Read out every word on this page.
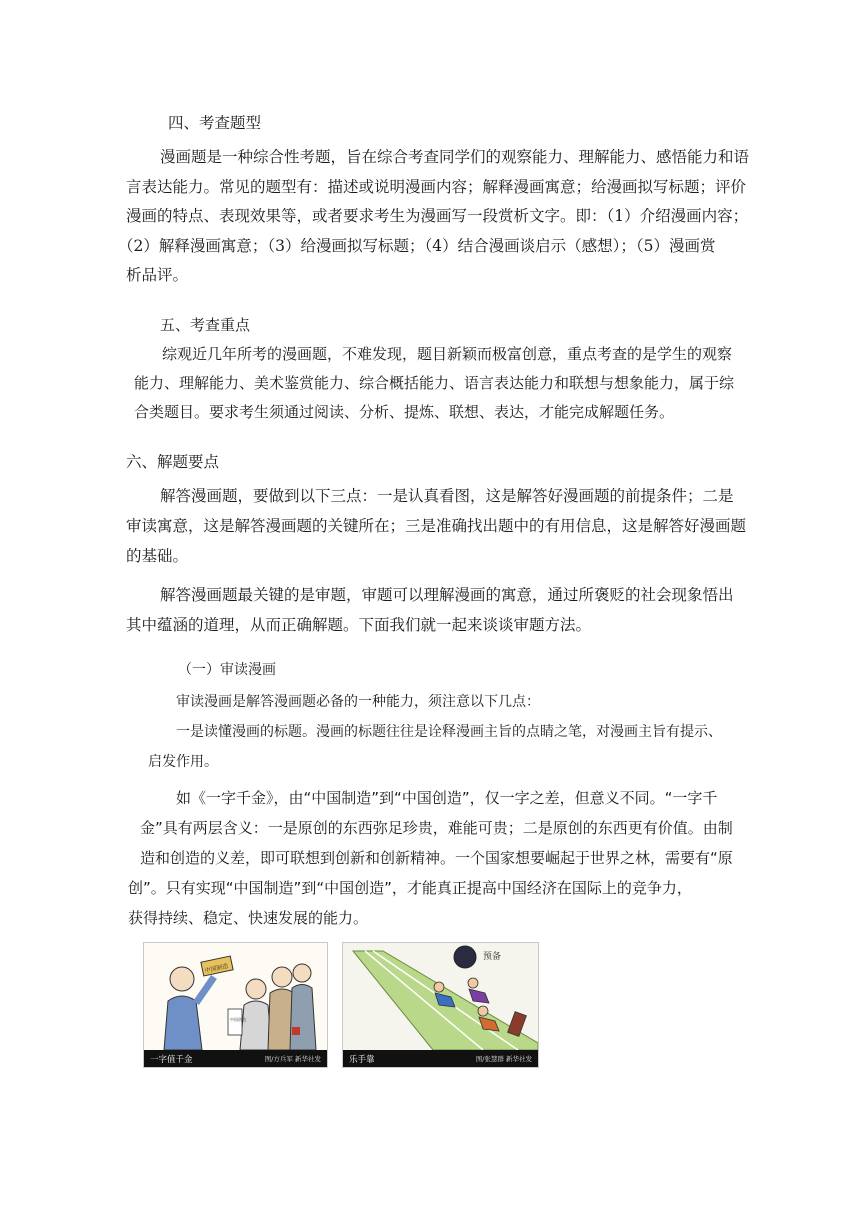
四、考查题型
漫画题是一种综合性考题，旨在综合考查同学们的观察能力、理解能力、感悟能力和语
言表达能力。常见的题型有：描述或说明漫画内容；解释漫画寓意；给漫画拟写标题；评价
漫画的特点、表现效果等，或者要求考生为漫画写一段赏析文字。即：（1）介绍漫画内容；
（2）解释漫画寓意；（3）给漫画拟写标题；（4）结合漫画谈启示（感想）；（5）漫画赏
析品评。
五、考查重点
综观近几年所考的漫画题，不难发现，题目新颖而极富创意，重点考查的是学生的观察
能力、理解能力、美术鉴赏能力、综合概括能力、语言表达能力和联想与想象能力，属于综
合类题目。要求考生须通过阅读、分析、提炼、联想、表达，才能完成解题任务。
六、解题要点
解答漫画题，要做到以下三点：一是认真看图，这是解答好漫画题的前提条件；二是
审读寓意，这是解答漫画题的关键所在；三是准确找出题中的有用信息，这是解答好漫画题
的基础。
解答漫画题最关键的是审题，审题可以理解漫画的寓意，通过所褒贬的社会现象悟出
其中蕴涵的道理，从而正确解题。下面我们就一起来谈谈审题方法。
（一）审读漫画
审读漫画是解答漫画题必备的一种能力，须注意以下几点：
一是读懂漫画的标题。漫画的标题往往是诠释漫画主旨的点睛之笔，对漫画主旨有提示、
启发作用。
如《一字千金》，由“中国制造”到“中国创造”，仅一字之差，但意义不同。“一字千
金”具有两层含义：一是原创的东西弥足珍贵，难能可贵；二是原创的东西更有价值。由制
造和创造的义差，即可联想到创新和创新精神。一个国家想要崛起于世界之林，需要有“原
创”。只有实现“中国制造”到“中国创造”，才能真正提高中国经济在国际上的竞争力，
获得持续、稳定、快速发展的能力。
中国制造
中国创造
一字值千金	图/方兵军 新华社发
预备
乐手靠	图/张慧群 新华社发
